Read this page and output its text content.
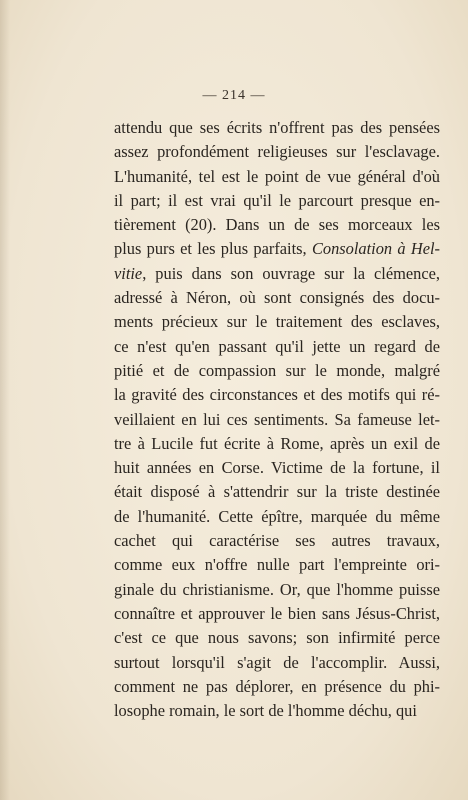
— 214 —
attendu que ses écrits n'offrent pas des pensées
assez profondément religieuses sur l'esclavage.
L'humanité, tel est le point de vue général d'où
il part; il est vrai qu'il le parcourt presque en-
tièrement (20). Dans un de ses morceaux les
plus purs et les plus parfaits, Consolation à Hel-
vitie, puis dans son ouvrage sur la clémence,
adressé à Néron, où sont consignés des docu-
ments précieux sur le traitement des esclaves,
ce n'est qu'en passant qu'il jette un regard de
pitié et de compassion sur le monde, malgré
la gravité des circonstances et des motifs qui ré-
veillaient en lui ces sentiments. Sa fameuse let-
tre à Lucile fut écrite à Rome, après un exil de
huit années en Corse. Victime de la fortune, il
était disposé à s'attendrir sur la triste destinée
de l'humanité. Cette épître, marquée du même
cachet qui caractérise ses autres travaux,
comme eux n'offre nulle part l'empreinte ori-
ginale du christianisme. Or, que l'homme puisse
connaître et approuver le bien sans Jésus-Christ,
c'est ce que nous savons; son infirmité perce
surtout lorsqu'il s'agit de l'accomplir. Aussi,
comment ne pas déplorer, en présence du phi-
losophe romain, le sort de l'homme déchu, qui
